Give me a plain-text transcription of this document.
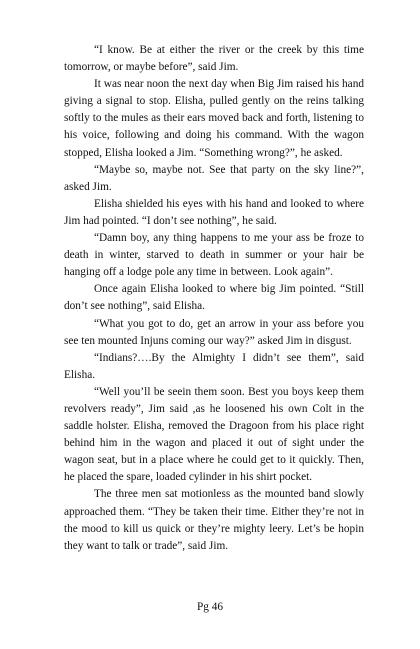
“I know. Be at either the river or the creek by this time tomorrow, or maybe before”, said Jim.

It was near noon the next day when Big Jim raised his hand giving a signal to stop. Elisha, pulled gently on the reins talking softly to the mules as their ears moved back and forth, listening to his voice, following and doing his command. With the wagon stopped, Elisha looked a Jim. “Something wrong?”, he asked.

“Maybe so, maybe not. See that party on the sky line?”, asked Jim.

Elisha shielded his eyes with his hand and looked to where Jim had pointed. “I don’t see nothing”, he said.

“Damn boy, any thing happens to me your ass be froze to death in winter, starved to death in summer or your hair be hanging off a lodge pole any time in between. Look again”.

Once again Elisha looked to where big Jim pointed. “Still don’t see nothing”, said Elisha.

“What you got to do, get an arrow in your ass before you see ten mounted Injuns coming our way?” asked Jim in disgust.

“Indians?….By the Almighty I didn’t see them”, said Elisha.

“Well you’ll be seein them soon. Best you boys keep them revolvers ready”, Jim said ,as he loosened his own Colt in the saddle holster. Elisha, removed the Dragoon from his place right behind him in the wagon and placed it out of sight under the wagon seat, but in a place where he could get to it quickly. Then, he placed the spare, loaded cylinder in his shirt pocket.

The three men sat motionless as the mounted band slowly approached them. “They be taken their time. Either they’re not in the mood to kill us quick or they’re mighty leery. Let’s be hopin they want to talk or trade”, said Jim.

Pg 46
